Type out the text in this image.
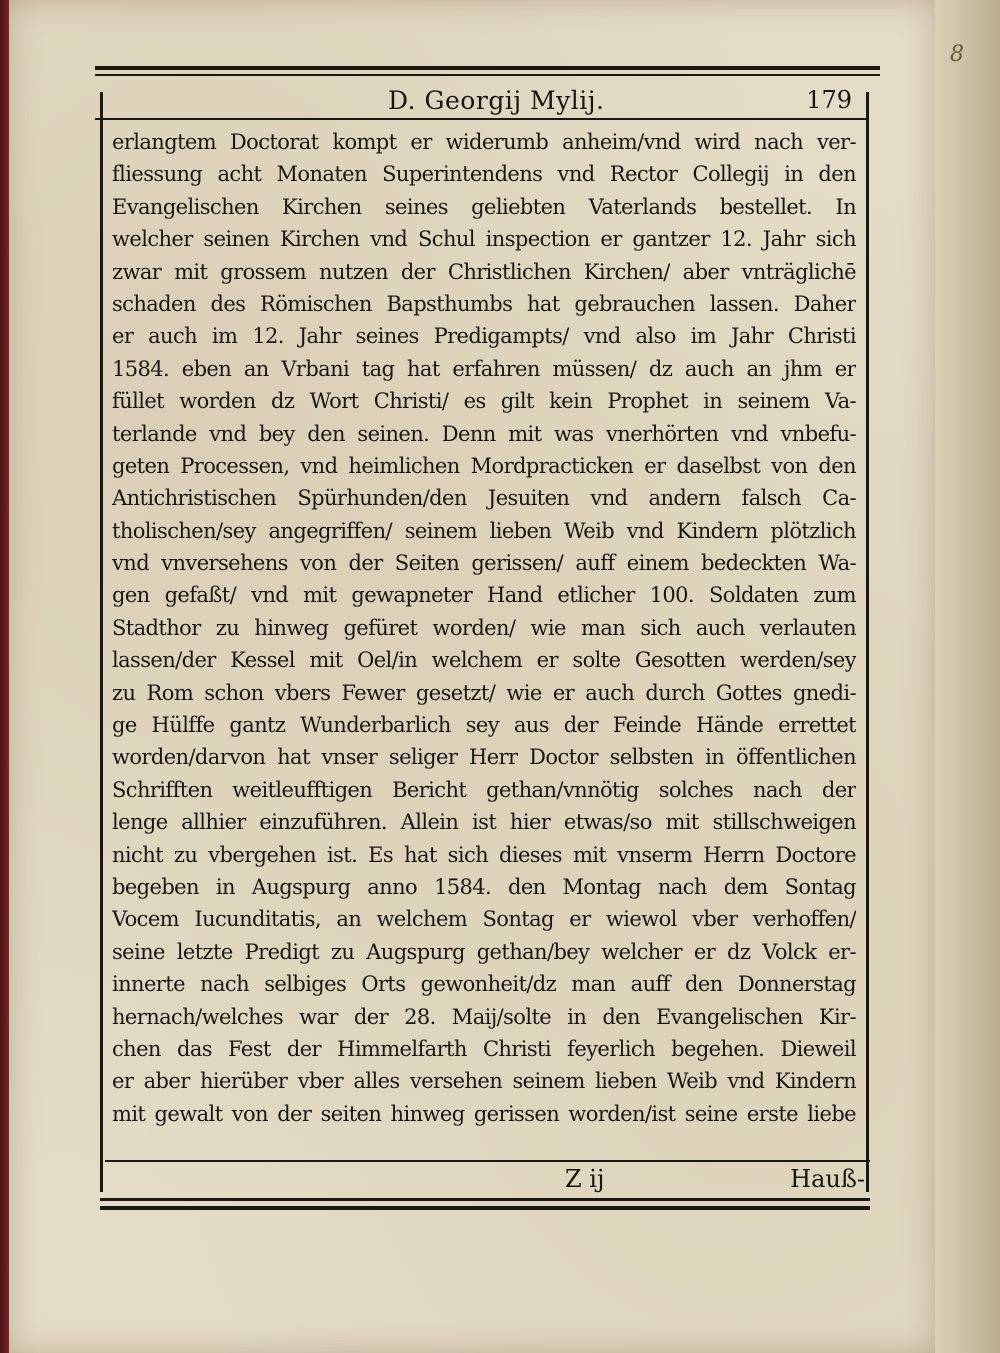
8
D. Georgij Mylij.	179
erlangtem Doctorat kompt er widerumb anheim/vnd wird nach ver-
fliessung acht Monaten Superintendens vnd Rector Collegij in den
Evangelischen Kirchen seines geliebten Vaterlands bestellet. In
welcher seinen Kirchen vnd Schul inspection er gantzer 12. Jahr sich
zwar mit grossem nutzen der Christlichen Kirchen/ aber vnträglichē
schaden des Römischen Bapsthumbs hat gebrauchen lassen. Daher
er auch im 12. Jahr seines Predigampts/ vnd also im Jahr Christi
1584. eben an Vrbani tag hat erfahren müssen/ dz auch an jhm er
füllet worden dz Wort Christi/ es gilt kein Prophet in seinem Va-
terlande vnd bey den seinen. Denn mit was vnerhörten vnd vnbefu-
geten Processen, vnd heimlichen Mordpracticken er daselbst von den
Antichristischen Spürhunden/den Jesuiten vnd andern falsch Ca-
tholischen/sey angegriffen/ seinem lieben Weib vnd Kindern plötzlich
vnd vnversehens von der Seiten gerissen/ auff einem bedeckten Wa-
gen gefaßt/ vnd mit gewapneter Hand etlicher 100. Soldaten zum
Stadthor zu hinweg gefüret worden/ wie man sich auch verlauten
lassen/der Kessel mit Oel/in welchem er solte Gesotten werden/sey
zu Rom schon vbers Fewer gesetzt/ wie er auch durch Gottes gnedi-
ge Hülffe gantz Wunderbarlich sey aus der Feinde Hände errettet
worden/darvon hat vnser seliger Herr Doctor selbsten in öffentlichen
Schrifften weitleufftigen Bericht gethan/vnnötig solches nach der
lenge allhier einzuführen. Allein ist hier etwas/so mit stillschweigen
nicht zu vbergehen ist. Es hat sich dieses mit vnserm Herrn Doctore
begeben in Augspurg anno 1584. den Montag nach dem Sontag
Vocem Iucunditatis, an welchem Sontag er wiewol vber verhoffen/
seine letzte Predigt zu Augspurg gethan/bey welcher er dz Volck er-
innerte nach selbiges Orts gewonheit/dz man auff den Donnerstag
hernach/welches war der 28. Maij/solte in den Evangelischen Kir-
chen das Fest der Himmelfarth Christi feyerlich begehen. Dieweil
er aber hierüber vber alles versehen seinem lieben Weib vnd Kindern
mit gewalt von der seiten hinweg gerissen worden/ist seine erste liebe
Z ij	Hauß-
